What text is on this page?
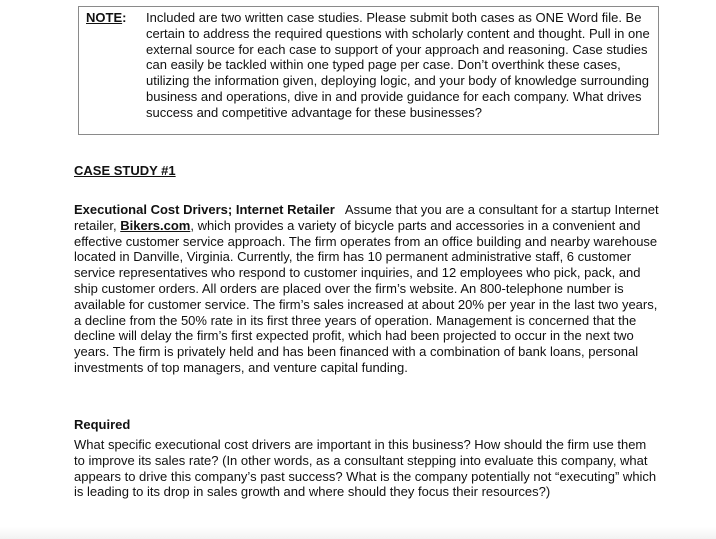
NOTE: Included are two written case studies. Please submit both cases as ONE Word file. Be certain to address the required questions with scholarly content and thought. Pull in one external source for each case to support of your approach and reasoning. Case studies can easily be tackled within one typed page per case. Don’t overthink these cases, utilizing the information given, deploying logic, and your body of knowledge surrounding business and operations, dive in and provide guidance for each company. What drives success and competitive advantage for these businesses?

CASE STUDY #1

Executional Cost Drivers; Internet Retailer   Assume that you are a consultant for a startup Internet retailer, Bikers.com, which provides a variety of bicycle parts and accessories in a convenient and effective customer service approach. The firm operates from an office building and nearby warehouse located in Danville, Virginia. Currently, the firm has 10 permanent administrative staff, 6 customer service representatives who respond to customer inquiries, and 12 employees who pick, pack, and ship customer orders. All orders are placed over the firm’s website. An 800-telephone number is available for customer service. The firm’s sales increased at about 20% per year in the last two years, a decline from the 50% rate in its first three years of operation. Management is concerned that the decline will delay the firm’s first expected profit, which had been projected to occur in the next two years. The firm is privately held and has been financed with a combination of bank loans, personal investments of top managers, and venture capital funding.

Required

What specific executional cost drivers are important in this business? How should the firm use them to improve its sales rate? (In other words, as a consultant stepping into evaluate this company, what appears to drive this company’s past success? What is the company potentially not “executing” which is leading to its drop in sales growth and where should they focus their resources?)
